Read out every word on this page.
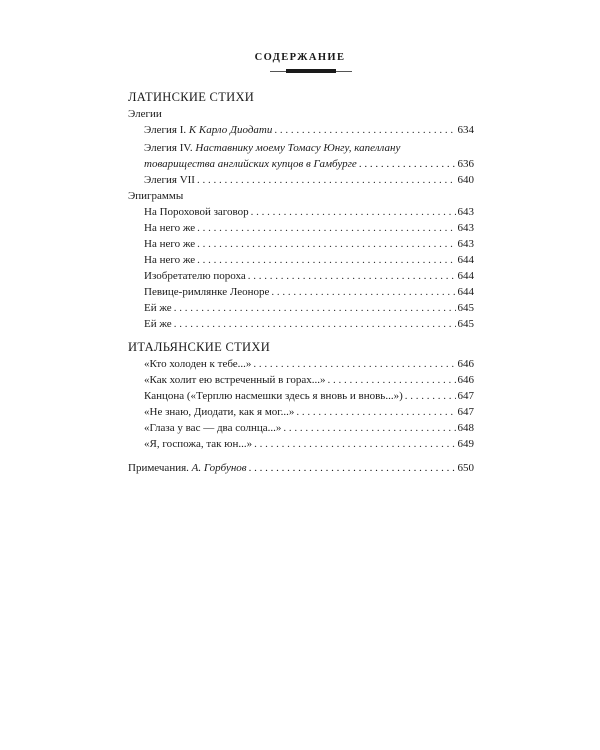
СОДЕРЖАНИЕ
ЛАТИНСКИЕ СТИХИ
Элегии
Элегия I. К Карло Диодати . . .	634
Элегия IV. Наставнику моему Томасу Юнгу, капеллану
товарищества английских купцов в Гамбурге . . .	636
Элегия VII . . .	640
Эпиграммы
На Пороховой заговор . . .	643
На него же . . .	643
На него же . . .	643
На него же . . .	644
Изобретателю пороха . . .	644
Певице-римлянке Леоноре . . .	644
Ей же . . .	645
Ей же . . .	645
ИТАЛЬЯНСКИЕ СТИХИ
«Кто холоден к тебе...» . . .	646
«Как холит ею встреченный в горах...» . . .	646
Канцона («Терплю насмешки здесь я вновь и вновь...») . . .	647
«Не знаю, Диодати, как я мог...» . . .	647
«Глаза у вас — два солнца...» . . .	648
«Я, госпожа, так юн...» . . .	649
Примечания. А. Горбунов . . .	650
